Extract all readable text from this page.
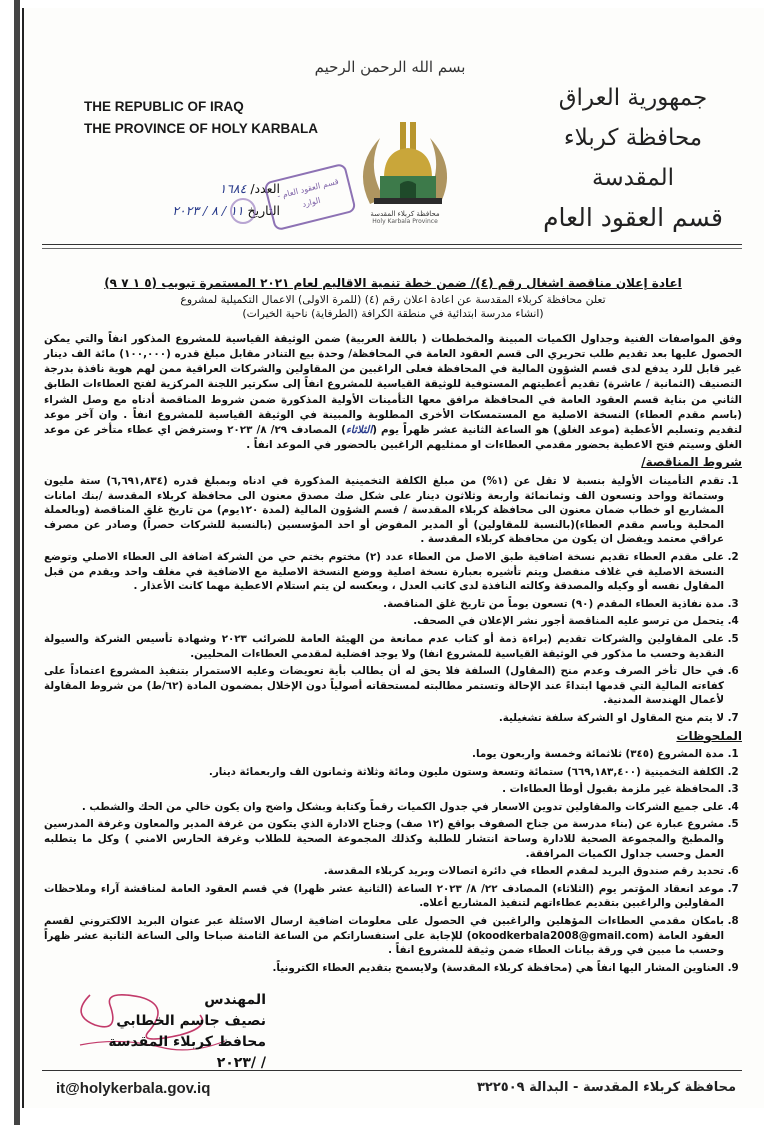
بسم الله الرحمن الرحيم
THE REPUBLIC OF IRAQ
THE PROVINCE OF HOLY KARBALA
جمهورية العراق
محافظة كربلاء المقدسة
قسم العقود العام
محافظة كربلاء المقدسة
Holy Karbala Province
العدد/ ١٦٨٤
التاريخ ١١ / ٨ / ٢٠٢٣
قسم العقود العام - الوارد
اعادة إعلان مناقصة اشغال رقم (٤)/ ضمن خطة تنمية الاقاليم لعام ٢٠٢١ المستمرة تبويب (٥ ١ ٧ ٩)
تعلن محافظة كربلاء المقدسة عن اعادة اعلان رقم (٤) (للمرة الاولى) الاعمال التكميلية لمشروع
(انشاء مدرسة ابتدائية في منطقة الكرافة (الطرفاية) ناحية الخيرات)
وفق المواصفات الفنية وجداول الكميات المبينة والمخططات ( باللغة العربية) ضمن الوثيقة القياسية للمشروع المذكور انفاً والتي يمكن الحصول عليها بعد تقديم طلب تحريري الى قسم العقود العامة في المحافظة/ وحدة بيع التنادر مقابل مبلغ قدره (١٠٠,٠٠٠) مائة الف دينار غير قابل للرد يدفع لدى قسم الشؤون المالية في المحافظة فعلى الراغبين من المقاولين والشركات العراقية ممن لهم هوية نافذة بدرجة التصنيف (الثمانية / عاشرة) تقديم أعطيتهم المستوفية للوثيقة القياسية للمشروع انفاً إلى سكرتير اللجنة المركزية لفتح العطاءات الطابق الثاني من بناية قسم العقود العامة في المحافظة مرافق معها التأمينات الأولية المذكورة ضمن شروط المناقصة أدناه مع وصل الشراء (باسم مقدم العطاء) النسخة الاصلية مع المستمسكات الأخرى المطلوبة والمبينة في الوثيقة القياسية للمشروع انفاً . وان آخر موعد لتقديم وتسليم الأعطية (موعد الغلق) هو الساعة الثانية عشر ظهراً يوم (الثلاثاء) المصادف ٢٩/ ٨/ ٢٠٢٣ وسترفض اي عطاء متأخر عن موعد الغلق وسيتم فتح الاعطية بحضور مقدمي العطاءات او ممثليهم الراغبين بالحضور في الموعد انفاً .
شروط المناقصة/
1. تقدم التأمينات الأولية بنسبة لا تقل عن (١%) من مبلغ الكلفة التخمينية المذكورة في ادناه وبمبلغ قدره (٦,٦٩١,٨٣٤) ستة مليون وستمائة وواحد وتسعون الف وثمانمائة واربعة وثلاثون دينار على شكل صك مصدق معنون الى محافظة كربلاء المقدسة /بنك امانات المشاريع او خطاب ضمان معنون الى محافظة كربلاء المقدسة / قسم الشؤون المالية (لمدة ١٢٠يوم) من تاريخ غلق المناقصة (وبالعملة المحلية وباسم مقدم العطاء)(بالنسبة للمقاولين) أو المدير المفوض أو احد المؤسسين (بالنسبة للشركات حصراً) وصادر عن مصرف عراقي معتمد ويفضل ان يكون من محافظة كربلاء المقدسة .
2. على مقدم العطاء تقديم نسخة اضافية طبق الاصل من العطاء عدد (٢) مختوم بختم حي من الشركة اضافة الى العطاء الاصلي وتوضع النسخة الاصلية في غلاف منفصل ويتم تأشيره بعبارة نسخة اصلية ووضع النسخة الاصلية مع الاضافية في مغلف واحد ويقدم من قبل المقاول نفسه أو وكيله والمصدقة وكالته النافذة لدى كاتب العدل ، وبعكسه لن يتم استلام الاعطية مهما كانت الأعذار .
3. مدة نفاذية العطاء المقدم (٩٠) تسعون يوماً من تاريخ غلق المناقصة.
4. يتحمل من ترسو عليه المناقصة أجور نشر الإعلان في الصحف.
5. على المقاولين والشركات تقديم (براءة ذمة أو كتاب عدم ممانعة من الهيئة العامة للضرائب ٢٠٢٣ وشهادة تأسيس الشركة والسيولة النقدية وحسب ما مذكور في الوثيقة القياسية للمشروع انفا) ولا يوجد افضلية لمقدمي العطاءات المحليين.
6. في حال تأخر الصرف وعدم منح (المقاول) السلفة فلا يحق له أن يطالب بأية تعويضات وعليه الاستمرار بتنفيذ المشروع اعتماداً على كفاءته المالية التي قدمها ابتداءً عند الإحالة وتستمر مطالبته لمستحقاته أصولياً دون الإخلال بمضمون المادة (٦٢/ط) من شروط المقاولة لأعمال الهندسة المدنية.
7. لا يتم منح المقاول او الشركة سلفة تشغيلية.
الملحوظات
1. مدة المشروع (٣٤٥) ثلاثمائة وخمسة واربعون يوما.
2. الكلفة التخمينية (٦٦٩,١٨٣,٤٠٠) ستمائة وتسعة وستون مليون ومائة وثلاثة وثمانون الف واربعمائة دينار.
3. المحافظة غير ملزمة بقبول أوطأ العطاءات .
4. على جميع الشركات والمقاولين تدوين الاسعار في جدول الكميات رقماً وكتابة وبشكل واضح وان يكون خالي من الحك والشطب .
5. مشروع عبارة عن (بناء مدرسة من جناح الصفوف بواقع (١٢ صف) وجناح الادارة الذي يتكون من غرفة المدير والمعاون وغرفة المدرسين والمطبخ والمجموعة الصحية للادارة وساحة انتشار للطلبة وكذلك المجموعة الصحية للطلاب وغرفة الحارس الامني ) وكل ما يتطلبه العمل وحسب جداول الكميات المرافقة.
6. تحديد رقم صندوق البريد لمقدم العطاء في دائرة اتصالات وبريد كربلاء المقدسة.
7. موعد انعقاد المؤتمر يوم (الثلاثاء) المصادف ٢٢/ ٨/ ٢٠٢٣ الساعة (الثانية عشر ظهرا) في قسم العقود العامة لمناقشة آراء وملاحظات المقاولين والراغبين بتقديم عطاءاتهم لتنفيذ المشاريع أعلاه.
8. بامكان مقدمي العطاءات المؤهلين والراغبين في الحصول على معلومات اضافية ارسال الاسئلة عبر عنوان البريد الالكتروني لقسم العقود العامة (okoodkerbala2008@gmail.com) للإجابة على استفساراتكم من الساعة الثامنة صباحا والى الساعة الثانية عشر ظهراً وحسب ما مبين في ورقة بيانات العطاء ضمن وثيقة للمشروع انفاً .
9. العناوين المشار اليها انفاً هي (محافظة كربلاء المقدسة) ولايسمح بتقديم العطاء الكترونياً.
المهندس
نصيف جاسم الخطابي
محافظ كربلاء المقدسة
/ /٢٠٢٣
it@holykerbala.gov.iq	محافظة كربلاء المقدسة - البدالة ٣٢٢٥٠٩
